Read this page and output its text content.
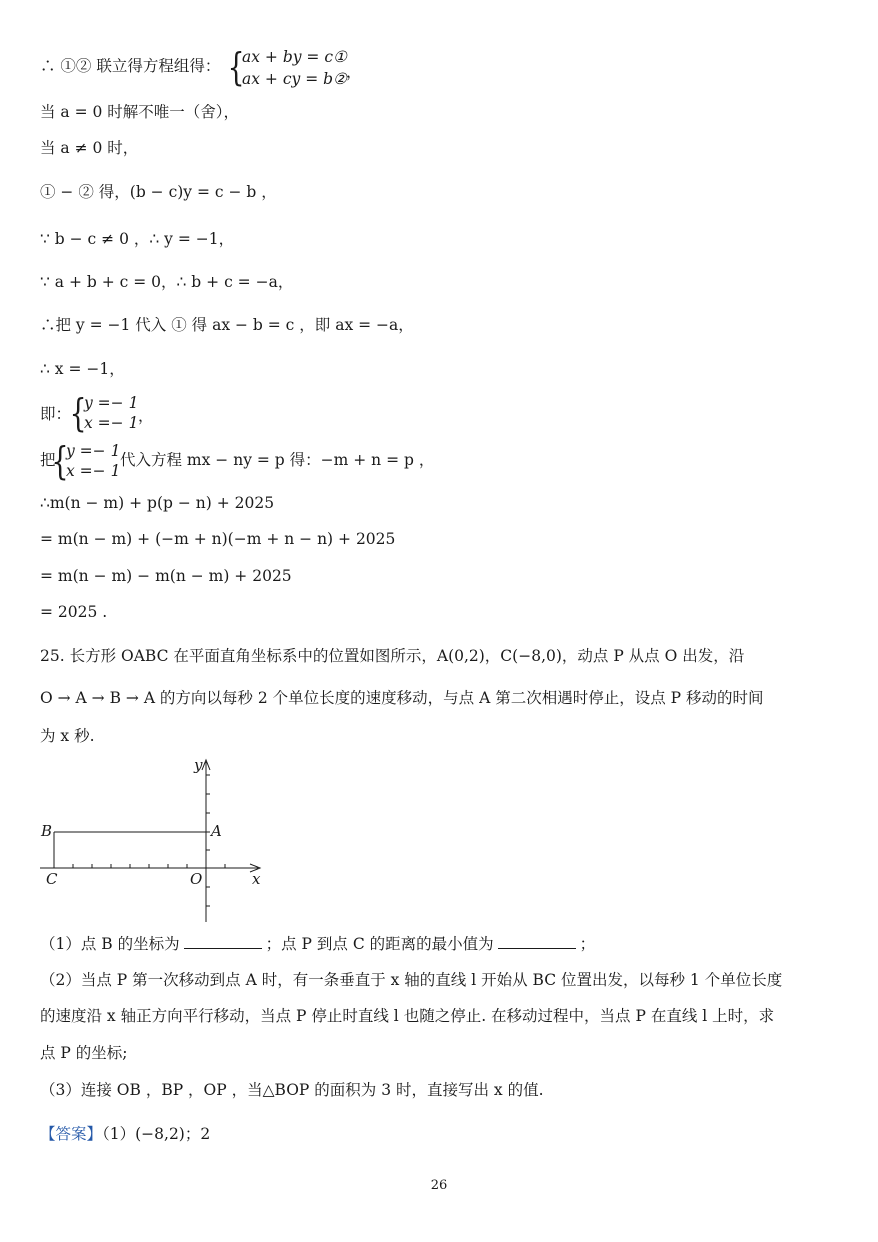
∴ ①② 联立得方程组得： {
ax + by = c①
ax + cy = b② ，
当 a = 0 时解不唯一（舍），
当 a ≠ 0 时，
① − ② 得，(b − c)y = c − b ，
∵ b − c ≠ 0 ，∴ y = −1，
∵ a + b + c = 0，∴ b + c = −a，
∴把 y = −1 代入 ① 得 ax − b = c ，即 ax = −a，
∴ x = −1，
即：
{
y =− 1
x =− 1 ，
把
{
y =− 1
x =− 1
代入方程 mx − ny = p 得：−m + n = p ，
∴m(n − m) + p(p − n) + 2025
= m(n − m) + (−m + n)(−m + n − n) + 2025
= m(n − m) − m(n − m) + 2025
= 2025 .
25. 长方形 OABC 在平面直角坐标系中的位置如图所示，A(0,2)，C(−8,0)，动点 P 从点 O 出发，沿
O → A → B → A 的方向以每秒 2 个单位长度的速度移动，与点 A 第二次相遇时停止，设点 P 移动的时间
为 x 秒.
y
x
B	A
C	O
（1）点 B 的坐标为	；点 P 到点 C 的距离的最小值为	；
（2）当点 P 第一次移动到点 A 时，有一条垂直于 x 轴的直线 l 开始从 BC 位置出发，以每秒 1 个单位长度
的速度沿 x 轴正方向平行移动，当点 P 停止时直线 l 也随之停止. 在移动过程中，当点 P 在直线 l 上时，求
点 P 的坐标;
（3）连接 OB ，BP ，OP ，当△BOP 的面积为 3 时，直接写出 x 的值.
【答案】（1）(−8,2)；2
26
